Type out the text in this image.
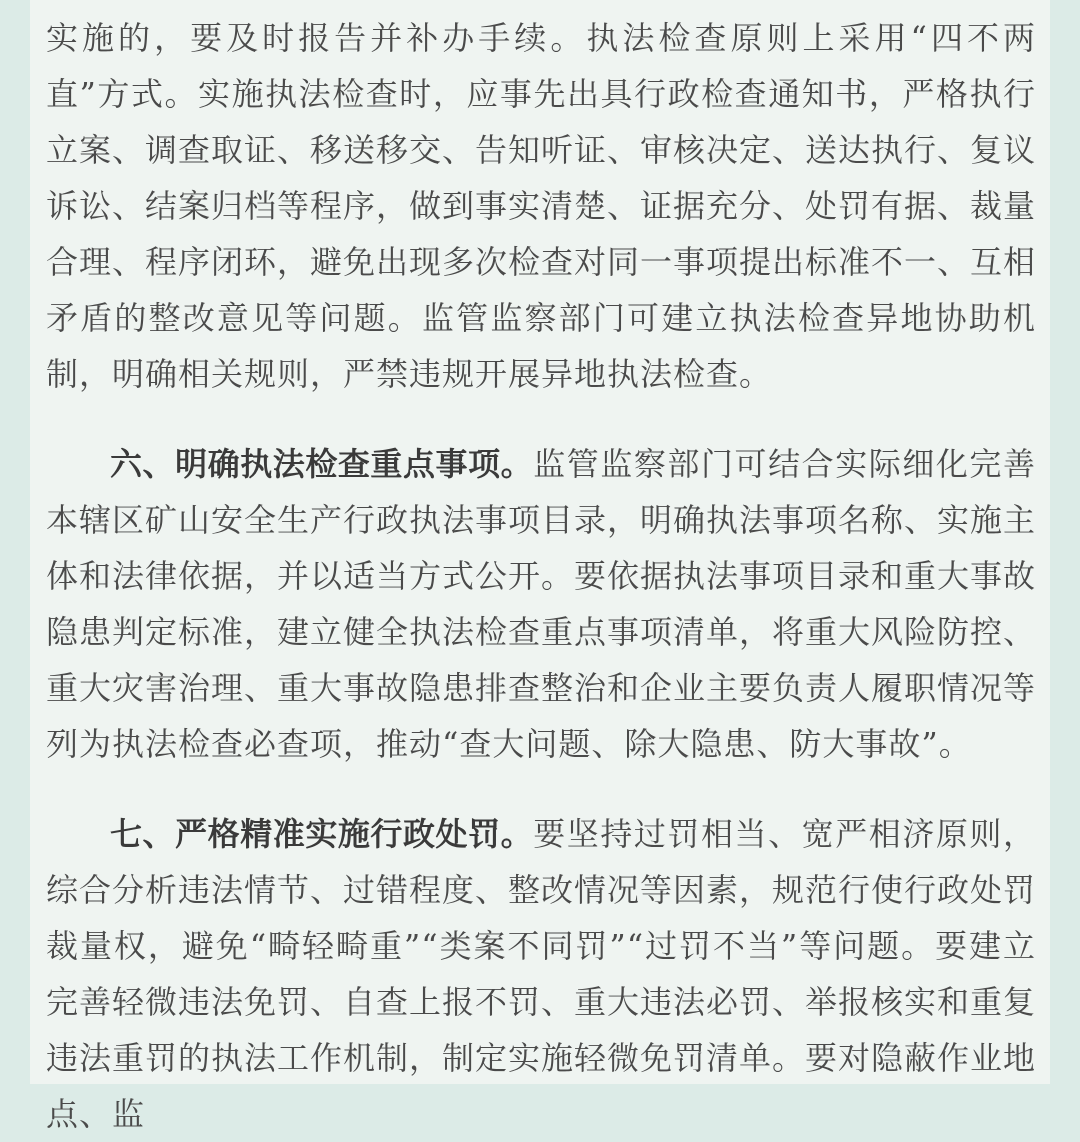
实施的，要及时报告并补办手续。执法检查原则上采用“四不两直”方式。实施执法检查时，应事先出具行政检查通知书，严格执行立案、调查取证、移送移交、告知听证、审核决定、送达执行、复议诉讼、结案归档等程序，做到事实清楚、证据充分、处罚有据、裁量合理、程序闭环，避免出现多次检查对同一事项提出标准不一、互相矛盾的整改意见等问题。监管监察部门可建立执法检查异地协助机制，明确相关规则，严禁违规开展异地执法检查。

六、明确执法检查重点事项。监管监察部门可结合实际细化完善本辖区矿山安全生产行政执法事项目录，明确执法事项名称、实施主体和法律依据，并以适当方式公开。要依据执法事项目录和重大事故隐患判定标准，建立健全执法检查重点事项清单，将重大风险防控、重大灾害治理、重大事故隐患排查整治和企业主要负责人履职情况等列为执法检查必查项，推动“查大问题、除大隐患、防大事故”。

七、严格精准实施行政处罚。要坚持过罚相当、宽严相济原则，综合分析违法情节、过错程度、整改情况等因素，规范行使行政处罚裁量权，避免“畸轻畸重”“类案不同罚”“过罚不当”等问题。要建立完善轻微违法免罚、自查上报不罚、重大违法必罚、举报核实和重复违法重罚的执法工作机制，制定实施轻微免罚清单。要对隐蔽作业地点、监
